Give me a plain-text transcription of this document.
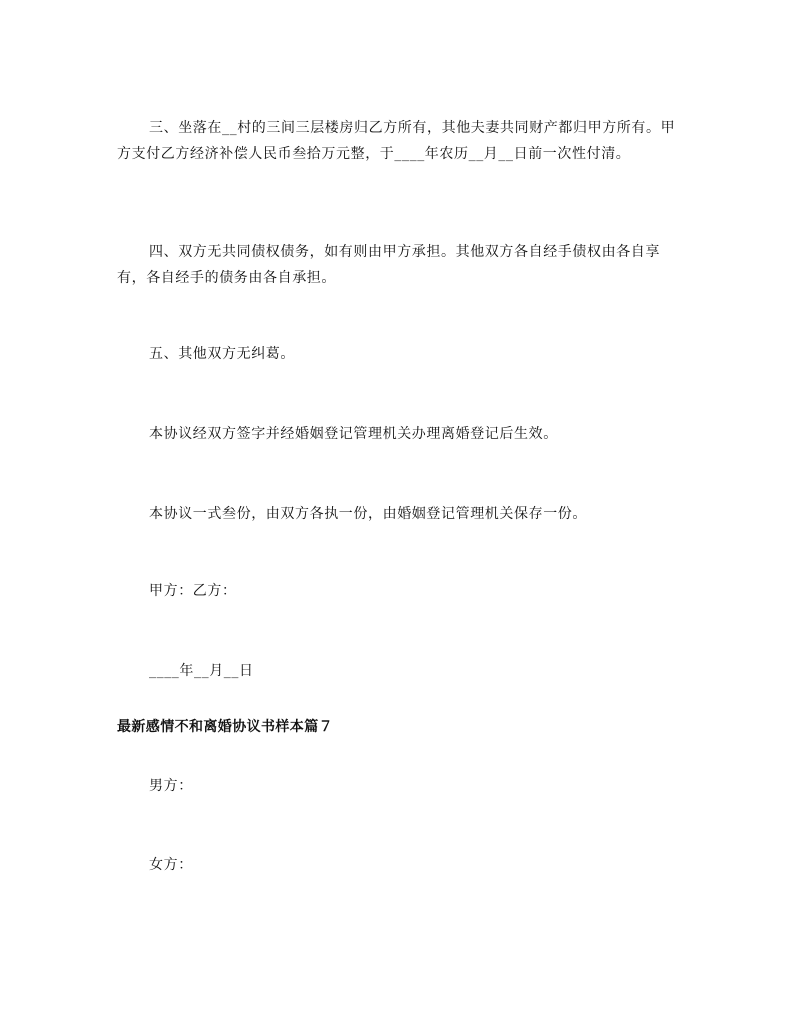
三、坐落在__村的三间三层楼房归乙方所有，其他夫妻共同财产都归甲方所有。甲方支付乙方经济补偿人民币叁拾万元整，于____年农历__月__日前一次性付清。

四、双方无共同债权债务，如有则由甲方承担。其他双方各自经手债权由各自享有，各自经手的债务由各自承担。

五、其他双方无纠葛。

本协议经双方签字并经婚姻登记管理机关办理离婚登记后生效。

本协议一式叁份，由双方各执一份，由婚姻登记管理机关保存一份。

甲方：乙方：

____年__月__日

最新感情不和离婚协议书样本篇７

男方：

女方：
